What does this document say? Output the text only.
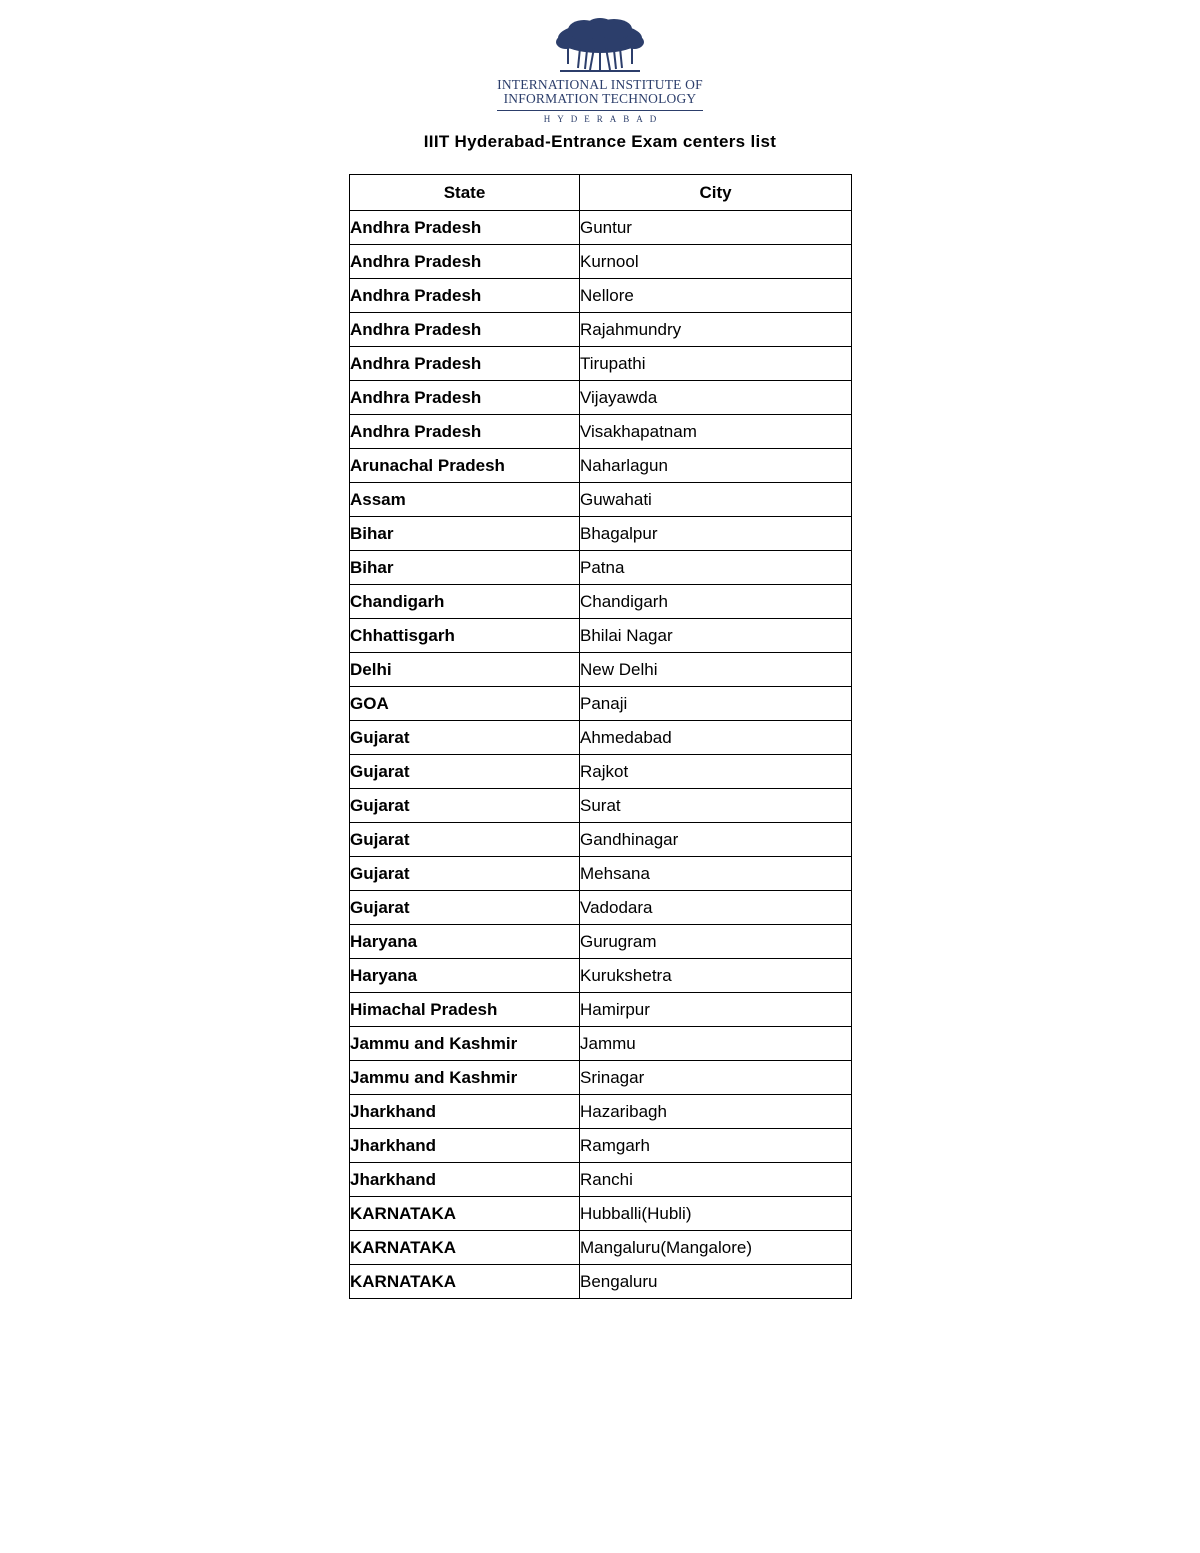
INTERNATIONAL INSTITUTE OF
INFORMATION TECHNOLOGY
HYDERABAD
IIIT Hyderabad-Entrance Exam centers list
State	City
Andhra Pradesh	Guntur
Andhra Pradesh	Kurnool
Andhra Pradesh	Nellore
Andhra Pradesh	Rajahmundry
Andhra Pradesh	Tirupathi
Andhra Pradesh	Vijayawda
Andhra Pradesh	Visakhapatnam
Arunachal Pradesh	Naharlagun
Assam	Guwahati
Bihar	Bhagalpur
Bihar	Patna
Chandigarh	Chandigarh
Chhattisgarh	Bhilai Nagar
Delhi	New Delhi
GOA	Panaji
Gujarat	Ahmedabad
Gujarat	Rajkot
Gujarat	Surat
Gujarat	Gandhinagar
Gujarat	Mehsana
Gujarat	Vadodara
Haryana	Gurugram
Haryana	Kurukshetra
Himachal Pradesh	Hamirpur
Jammu and Kashmir	Jammu
Jammu and Kashmir	Srinagar
Jharkhand	Hazaribagh
Jharkhand	Ramgarh
Jharkhand	Ranchi
KARNATAKA	Hubballi(Hubli)
KARNATAKA	Mangaluru(Mangalore)
KARNATAKA	Bengaluru
